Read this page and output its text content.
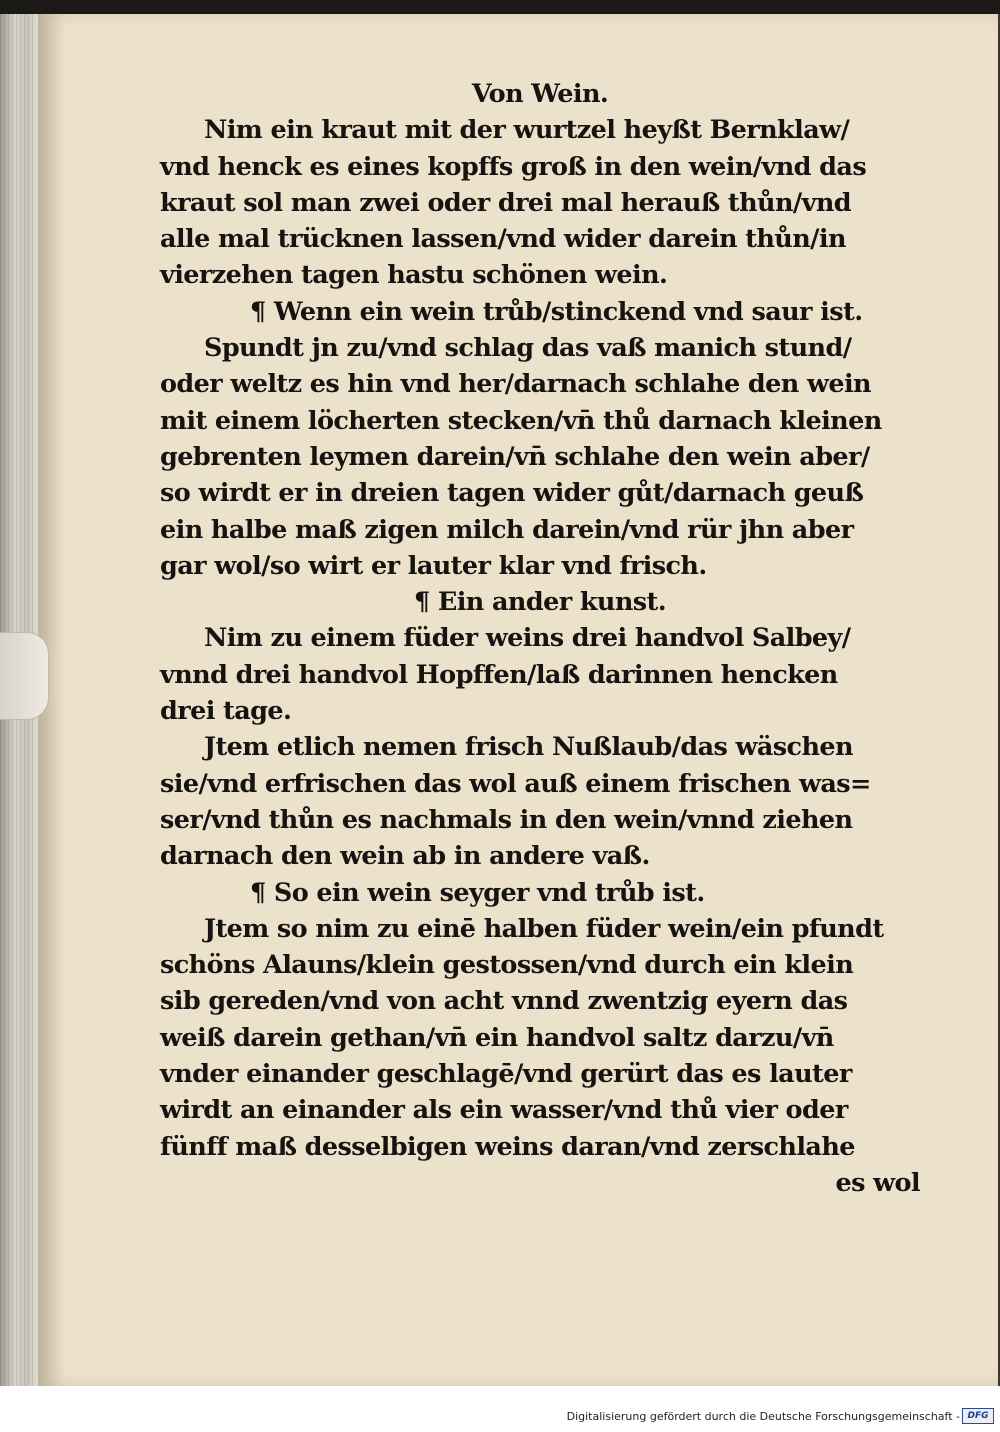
Von Wein.
Nim ein kraut mit der wurtzel heyßt Bernklaw/
vnd henck es eines kopffs groß in den wein/vnd das
kraut sol man zwei oder drei mal herauß thůn/vnd
alle mal trücknen lassen/vnd wider darein thůn/in
vierzehen tagen hastu schönen wein.
¶ Wenn ein wein trůb/stinckend vnd saur ist.
Spundt jn zu/vnd schlag das vaß manich stund/
oder weltz es hin vnd her/darnach schlahe den wein
mit einem löcherten stecken/vn̄ thů darnach kleinen
gebrenten leymen darein/vn̄ schlahe den wein aber/
so wirdt er in dreien tagen wider gůt/darnach geuß
ein halbe maß zigen milch darein/vnd rür jhn aber
gar wol/so wirt er lauter klar vnd frisch.
¶ Ein ander kunst.
Nim zu einem füder weins drei handvol Salbey/
vnnd drei handvol Hopffen/laß darinnen hencken
drei tage.
Jtem etlich nemen frisch Nußlaub/das wäschen
sie/vnd erfrischen das wol auß einem frischen was=
ser/vnd thůn es nachmals in den wein/vnnd ziehen
darnach den wein ab in andere vaß.
¶ So ein wein seyger vnd trůb ist.
Jtem so nim zu einē halben füder wein/ein pfundt
schöns Alauns/klein gestossen/vnd durch ein klein
sib gereden/vnd von acht vnnd zwentzig eyern das
weiß darein gethan/vn̄ ein handvol saltz darzu/vn̄
vnder einander geschlagē/vnd gerürt das es lauter
wirdt an einander als ein wasser/vnd thů vier oder
fünff maß desselbigen weins daran/vnd zerschlahe
es wol
Digitalisierung gefördert durch die Deutsche Forschungsgemeinschaft - DFG
